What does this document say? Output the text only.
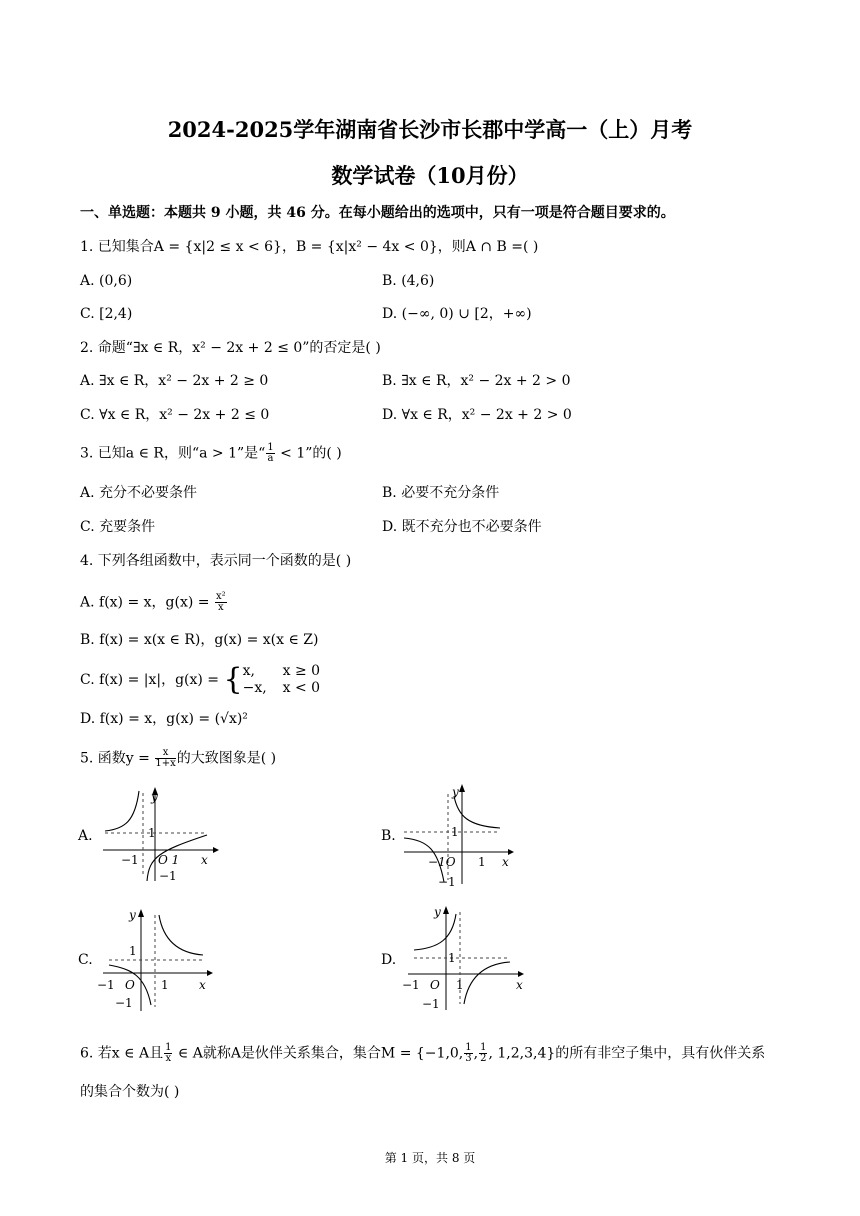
2024-2025学年湖南省长沙市长郡中学高一（上）月考
数学试卷（10月份）
一、单选题：本题共 9 小题，共 46 分。在每小题给出的选项中，只有一项是符合题目要求的。
1. 已知集合A = {x|2 ≤ x < 6}，B = {x|x² − 4x < 0}，则A ∩ B =( )
A. (0,6)	B. (4,6)
C. [2,4)	D. (−∞, 0) ∪ [2，+∞)
2. 命题“∃x ∈ R，x² − 2x + 2 ≤ 0”的否定是( )
A. ∃x ∈ R，x² − 2x + 2 ≥ 0	B. ∃x ∈ R，x² − 2x + 2 > 0
C. ∀x ∈ R，x² − 2x + 2 ≤ 0	D. ∀x ∈ R，x² − 2x + 2 > 0
3. 已知a ∈ R，则“a > 1”是“ $\frac{1}{a} < 1$”的( )
A. 充分不必要条件	B. 必要不充分条件
C. 充要条件	D. 既不充分也不必要条件
4. 下列各组函数中，表示同一个函数的是( )
A. f(x) = x，$g(x) = \frac{\text{x²}}{x}$
B. f(x) = x(x ∈ R)，g(x) = x(x ∈ Z)
C. f(x) = |x|，g(x) = { x, x ≥ 0
−x, x < 0
D. f(x) = x，g(x) = (√x)²
5. 函数$y = \frac{x}{1+x}$ 的大致图象是( )
A.
y
1
−1 O 1
−1
x
B.
y
1
−1O 1
−1
x
C.
y
1
−1 O 1
−1
x
D.
y
1
−1 O 1
−1
x
6. 若x ∈ A且 $\frac{1}{x}$ ∈ A就称A是伙伴关系集合，集合M = {−1,0, $\frac{1}{3}$ , $\frac{1}{2}$ , 1,2,3,4}的所有非空子集中，具有伙伴关系
的集合个数为( )
第 1 页，共 8 页
